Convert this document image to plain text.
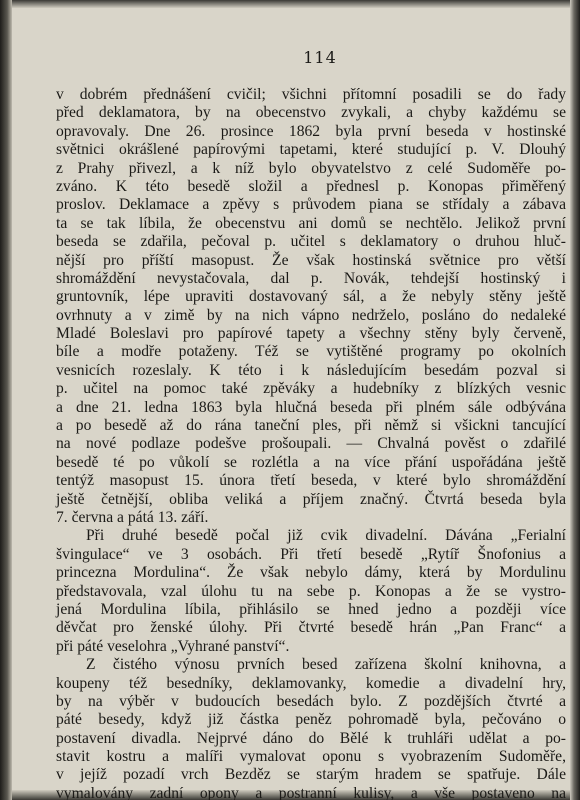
114
v dobrém přednášení cvičil; všichni přítomní posadili se do řady
před deklamatora, by na obecenstvo zvykali, a chyby každému se
opravovaly. Dne 26. prosince 1862 byla první beseda v hostinské
světnici okrášlené papírovými tapetami, které studující p. V. Dlouhý
z Prahy přivezl, a k níž bylo obyvatelstvo z celé Sudoměře po-
zváno. K této besedě složil a přednesl p. Konopas přiměřený
proslov. Deklamace a zpěvy s průvodem piana se střídaly a zábava
ta se tak líbila, že obecenstvu ani domů se nechtělo. Jelikož první
beseda se zdařila, pečoval p. učitel s deklamatory o druhou hluč-
nější pro příští masopust. Že však hostinská světnice pro větší
shromáždění nevystačovala, dal p. Novák, tehdejší hostinský i
gruntovník, lépe upraviti dostavovaný sál, a že nebyly stěny ještě
ovrhnuty a v zimě by na nich vápno nedrželo, posláno do nedaleké
Mladé Boleslavi pro papírové tapety a všechny stěny byly červeně,
bíle a modře potaženy. Též se vytištěné programy po okolních
vesnicích rozeslaly. K této i k následujícím besedám pozval si
p. učitel na pomoc také zpěváky a hudebníky z blízkých vesnic
a dne 21. ledna 1863 byla hlučná beseda při plném sále odbývána
a po besedě až do rána taneční ples, při němž si všickni tancující
na nové podlaze podešve prošoupali. — Chvalná pověst o zdařilé
besedě té po vůkolí se rozlétla a na více přání uspořádána ještě
tentýž masopust 15. února třetí beseda, v které bylo shromáždění
ještě četnější, obliba veliká a příjem značný. Čtvrtá beseda byla
7. června a pátá 13. září.
Při druhé besedě počal již cvik divadelní. Dávána „Ferialní
švingulace“ ve 3 osobách. Při třetí besedě „Rytíř Šnofonius a
princezna Mordulina“. Že však nebylo dámy, která by Mordulinu
představovala, vzal úlohu tu na sebe p. Konopas a že se vystro-
jená Mordulina líbila, přihlásilo se hned jedno a později více
děvčat pro ženské úlohy. Při čtvrté besedě hrán „Pan Franc“ a
při páté veselohra „Vyhrané panství“.
Z čistého výnosu prvních besed zařízena školní knihovna, a
koupeny též besedníky, deklamovanky, komedie a divadelní hry,
by na výběr v budoucích besedách bylo. Z pozdějších čtvrté a
páté besedy, když již částka peněz pohromadě byla, pečováno o
postavení divadla. Nejprvé dáno do Bělé k truhláři udělat a po-
stavit kostru a malíři vymalovat oponu s vyobrazením Sudoměře,
v jejíž pozadí vrch Bezděz se starým hradem se spatřuje. Dále
vymalovány zadní opony a postranní kulisy, a vše postaveno na
